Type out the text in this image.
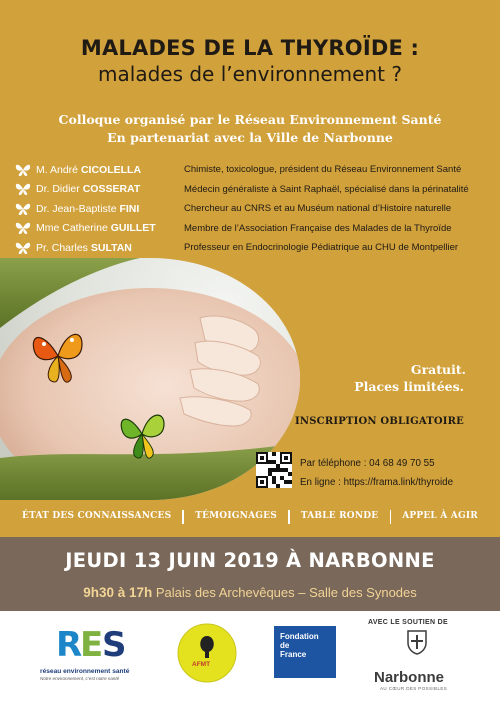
MALADES DE LA THYROÏDE :
malades de l’environnement ?
Colloque organisé par le Réseau Environnement Santé
En partenariat avec la Ville de Narbonne
M. André CICOLELLA	Chimiste, toxicologue, président du Réseau Environnement Santé
Dr. Didier COSSERAT	Médecin généraliste à Saint Raphaël, spécialisé dans la périnatalité
Dr. Jean-Baptiste FINI	Chercheur au CNRS et au Muséum national d’Histoire naturelle
Mme Catherine GUILLET	Membre de l’Association Française des Malades de la Thyroïde
Pr. Charles SULTAN	Professeur en Endocrinologie Pédiatrique au CHU de Montpellier
Gratuit.
Places limitées.
INSCRIPTION OBLIGATOIRE
Par téléphone : 04 68 49 70 55
En ligne : https://frama.link/thyroide
ÉTAT DES CONNAISSANCES	TÉMOIGNAGES	TABLE RONDE	APPEL À AGIR
JEUDI 13 JUIN 2019 À NARBONNE
9h30 à 17h Palais des Archevêques – Salle des Synodes
R
E
S
réseau environnement santé
Notre environnement, c’est notre santé
AFMT
Fondation
de
France
AVEC LE SOUTIEN DE
Narbonne
AU CŒUR DES POSSIBLES
